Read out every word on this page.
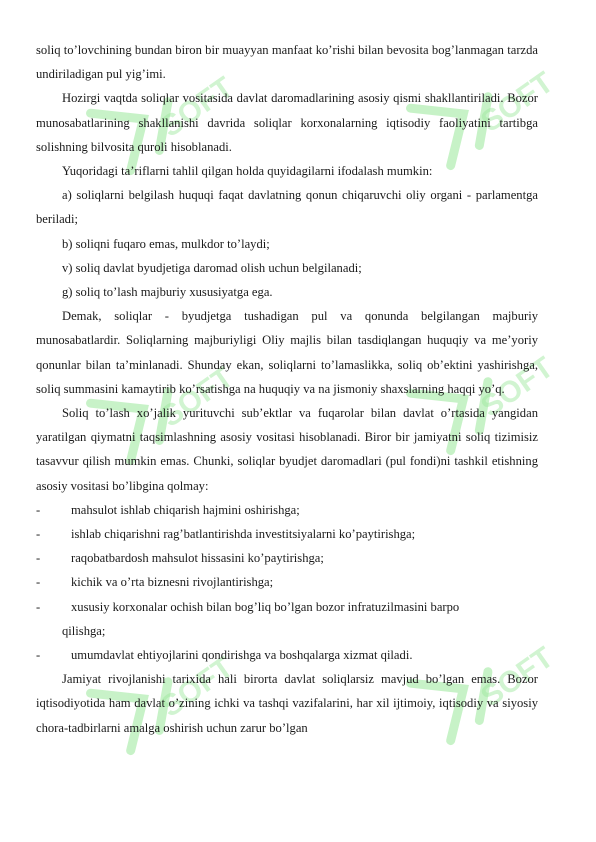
SOFT	SOFT
SOFT	SOFT
SOFT	SOFT

soliq to’lovchining bundan biron bir muayyan manfaat ko’rishi bilan bevosita bog’lanmagan tarzda undiriladigan pul yig’imi.

Hozirgi vaqtda soliqlar vositasida davlat daromadlarining asosiy qismi shakllantiriladi. Bozor munosabatlarining shakllanishi davrida soliqlar korxonalarning iqtisodiy faoliyatini tartibga solishning bilvosita quroli hisoblanadi.

Yuqoridagi ta’riflarni tahlil qilgan holda quyidagilarni ifodalash mumkin:

a) soliqlarni belgilash huquqi faqat davlatning qonun chiqaruvchi oliy organi - parlamentga beriladi;

b) soliqni fuqaro emas, mulkdor to’laydi;

v) soliq davlat byudjetiga daromad olish uchun belgilanadi;

g) soliq to’lash majburiy xususiyatga ega.

Demak, soliqlar - byudjetga tushadigan pul va qonunda belgilangan majburiy munosabatlardir. Soliqlarning majburiyligi Oliy majlis bilan tasdiqlangan huquqiy va me’yoriy qonunlar bilan ta’minlanadi. Shunday ekan, soliqlarni to’lamaslikka, soliq ob’ektini yashirishga, soliq summasini kamaytirib ko’rsatishga na huquqiy va na jismoniy shaxslarning haqqi yo’q.

Soliq to’lash xo’jalik yurituvchi sub’ektlar va fuqarolar bilan davlat o’rtasida yangidan yaratilgan qiymatni taqsimlashning asosiy vositasi hisoblanadi. Biror bir jamiyatni soliq tizimisiz tasavvur qilish mumkin emas. Chunki, soliqlar byudjet daromadlari (pul fondi)ni tashkil etishning asosiy vositasi bo’libgina qolmay:

-	mahsulot ishlab chiqarish hajmini oshirishga;
-	ishlab chiqarishni rag’batlantirishda investitsiyalarni ko’paytirishga;
-	raqobatbardosh mahsulot hissasini ko’paytirishga;
-	kichik va o’rta biznesni rivojlantirishga;
-	xususiy korxonalar ochish bilan bog’liq bo’lgan bozor infratuzilmasini barpo

qilishga;

-	umumdavlat ehtiyojlarini qondirishga va boshqalarga xizmat qiladi.

Jamiyat rivojlanishi tarixida hali birorta davlat soliqlarsiz mavjud bo’lgan emas. Bozor iqtisodiyotida ham davlat o’zining ichki va tashqi vazifalarini, har xil ijtimoiy, iqtisodiy va siyosiy chora-tadbirlarni amalga oshirish uchun zarur bo’lgan
